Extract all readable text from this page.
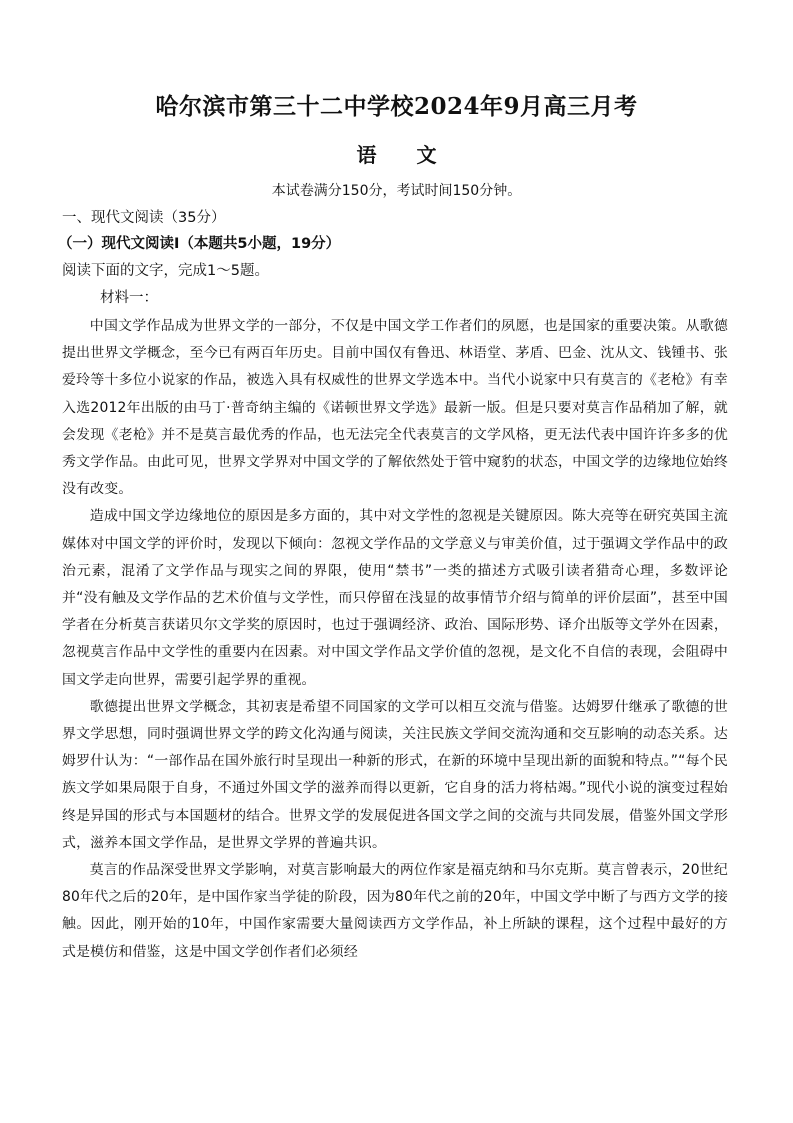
哈尔滨市第三十二中学校2024年9月高三月考
语 文
本试卷满分150分，考试时间150分钟。
一、现代文阅读（35分）
（一）现代文阅读Ⅰ（本题共5小题，19分）
阅读下面的文字，完成1～5题。
材料一：

中国文学作品成为世界文学的一部分，不仅是中国文学工作者们的夙愿，也是国家的重要决策。从歌德提出世界文学概念，至今已有两百年历史。目前中国仅有鲁迅、林语堂、茅盾、巴金、沈从文、钱锺书、张爱玲等十多位小说家的作品，被选入具有权威性的世界文学选本中。当代小说家中只有莫言的《老枪》有幸入选2012年出版的由马丁·普奇纳主编的《诺顿世界文学选》最新一版。但是只要对莫言作品稍加了解，就会发现《老枪》并不是莫言最优秀的作品，也无法完全代表莫言的文学风格，更无法代表中国许许多多的优秀文学作品。由此可见，世界文学界对中国文学的了解依然处于管中窥豹的状态，中国文学的边缘地位始终没有改变。

造成中国文学边缘地位的原因是多方面的，其中对文学性的忽视是关键原因。陈大亮等在研究英国主流媒体对中国文学的评价时，发现以下倾向：忽视文学作品的文学意义与审美价值，过于强调文学作品中的政治元素，混淆了文学作品与现实之间的界限，使用“禁书”一类的描述方式吸引读者猎奇心理，多数评论并“没有触及文学作品的艺术价值与文学性，而只停留在浅显的故事情节介绍与简单的评价层面”，甚至中国学者在分析莫言获诺贝尔文学奖的原因时，也过于强调经济、政治、国际形势、译介出版等文学外在因素，忽视莫言作品中文学性的重要内在因素。对中国文学作品文学价值的忽视，是文化不自信的表现，会阻碍中国文学走向世界，需要引起学界的重视。

歌德提出世界文学概念，其初衷是希望不同国家的文学可以相互交流与借鉴。达姆罗什继承了歌德的世界文学思想，同时强调世界文学的跨文化沟通与阅读，关注民族文学间交流沟通和交互影响的动态关系。达姆罗什认为：“一部作品在国外旅行时呈现出一种新的形式，在新的环境中呈现出新的面貌和特点。”“每个民族文学如果局限于自身，不通过外国文学的滋养而得以更新，它自身的活力将枯竭。”现代小说的演变过程始终是异国的形式与本国题材的结合。世界文学的发展促进各国文学之间的交流与共同发展，借鉴外国文学形式，滋养本国文学作品，是世界文学界的普遍共识。

莫言的作品深受世界文学影响，对莫言影响最大的两位作家是福克纳和马尔克斯。莫言曾表示，20世纪80年代之后的20年，是中国作家当学徒的阶段，因为80年代之前的20年，中国文学中断了与西方文学的接触。因此，刚开始的10年，中国作家需要大量阅读西方文学作品，补上所缺的课程，这个过程中最好的方式是模仿和借鉴，这是中国文学创作者们必须经
